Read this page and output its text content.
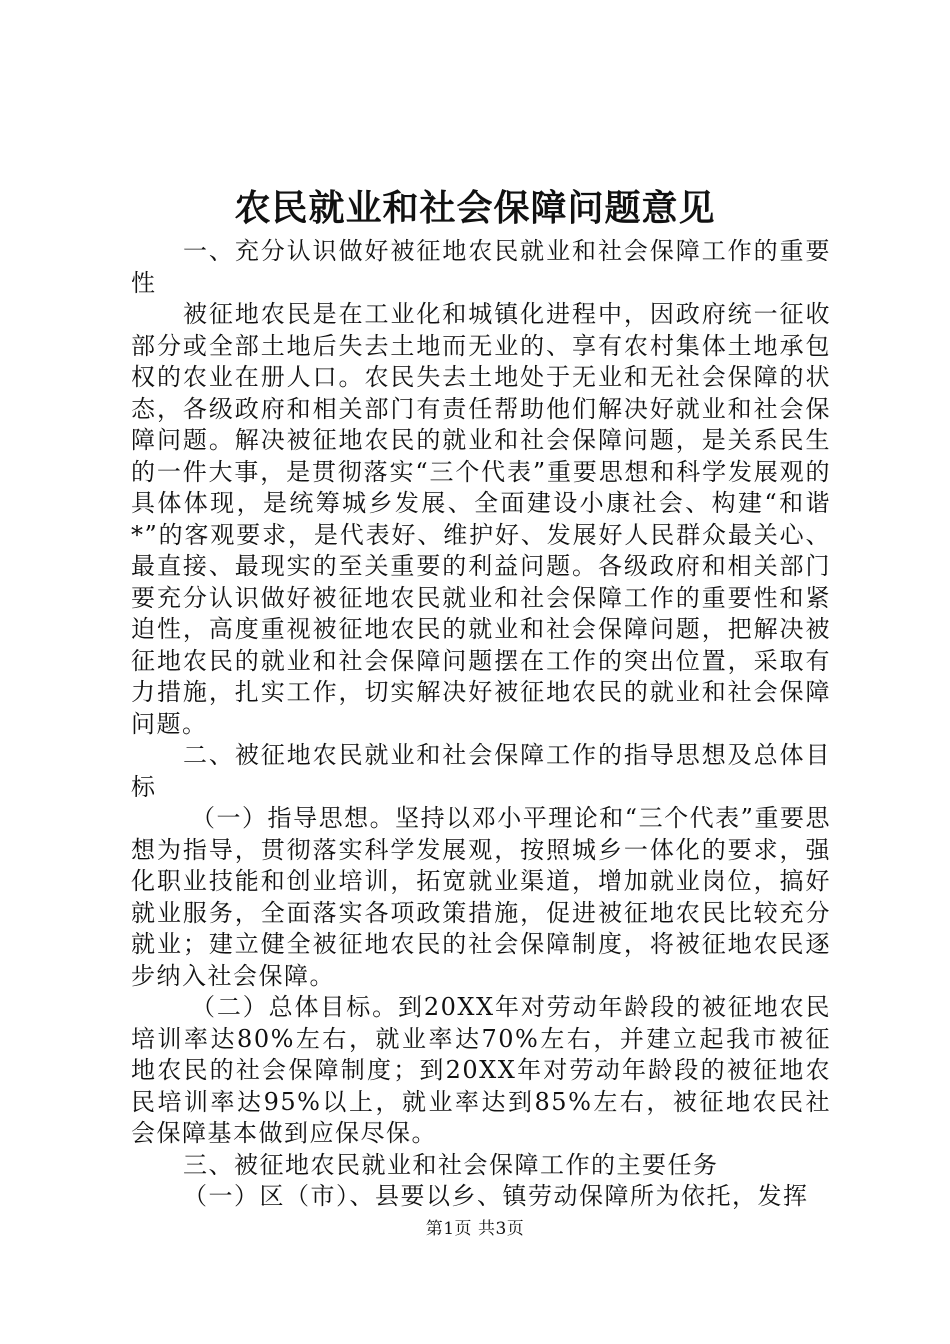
农民就业和社会保障问题意见

一、充分认识做好被征地农民就业和社会保障工作的重要性

被征地农民是在工业化和城镇化进程中，因政府统一征收部分或全部土地后失去土地而无业的、享有农村集体土地承包权的农业在册人口。农民失去土地处于无业和无社会保障的状态，各级政府和相关部门有责任帮助他们解决好就业和社会保障问题。解决被征地农民的就业和社会保障问题，是关系民生的一件大事，是贯彻落实“三个代表”重要思想和科学发展观的具体体现，是统筹城乡发展、全面建设小康社会、构建“和谐*”的客观要求，是代表好、维护好、发展好人民群众最关心、最直接、最现实的至关重要的利益问题。各级政府和相关部门要充分认识做好被征地农民就业和社会保障工作的重要性和紧迫性，高度重视被征地农民的就业和社会保障问题，把解决被征地农民的就业和社会保障问题摆在工作的突出位置，采取有力措施，扎实工作，切实解决好被征地农民的就业和社会保障问题。

二、被征地农民就业和社会保障工作的指导思想及总体目标

（一）指导思想。坚持以邓小平理论和“三个代表”重要思想为指导，贯彻落实科学发展观，按照城乡一体化的要求，强化职业技能和创业培训，拓宽就业渠道，增加就业岗位，搞好就业服务，全面落实各项政策措施，促进被征地农民比较充分就业；建立健全被征地农民的社会保障制度，将被征地农民逐步纳入社会保障。

（二）总体目标。到20XX年对劳动年龄段的被征地农民培训率达80%左右，就业率达70%左右，并建立起我市被征地农民的社会保障制度；到20XX年对劳动年龄段的被征地农民培训率达95%以上，就业率达到85%左右，被征地农民社会保障基本做到应保尽保。

三、被征地农民就业和社会保障工作的主要任务

（一）区（市）、县要以乡、镇劳动保障所为依托，发挥

第1页 共3页
